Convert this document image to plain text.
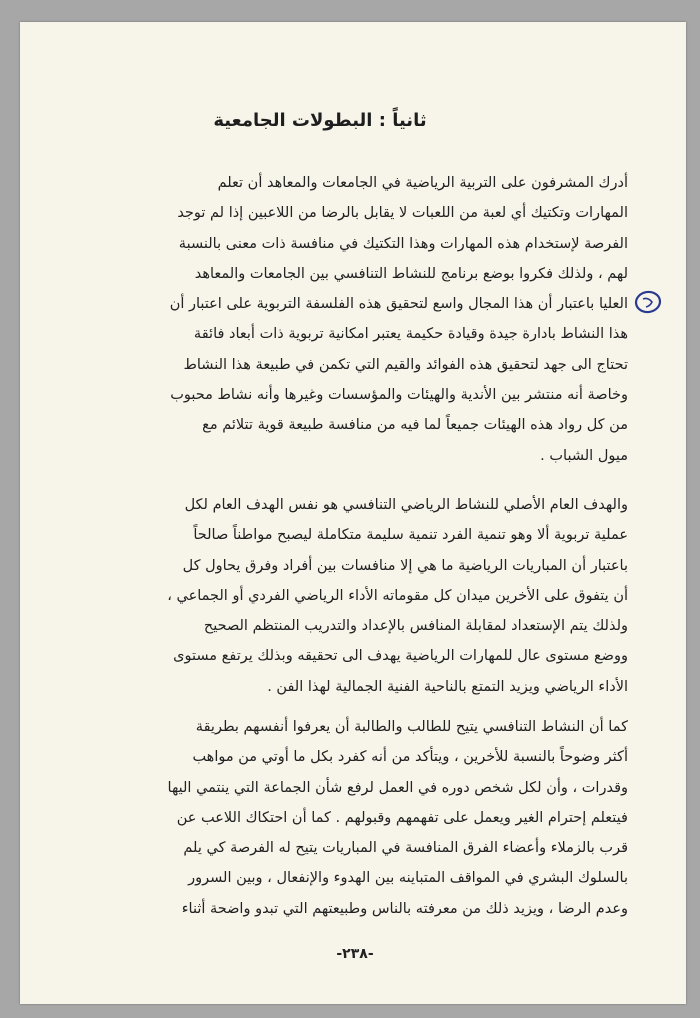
ثانياً : البطولات الجامعية
أدرك المشرفون على التربية الرياضية في الجامعات والمعاهد أن تعلم
المهارات وتكتيك أي لعبة من اللعبات لا يقابل بالرضا من اللاعبين إذا لم توجد
الفرصة لإستخدام هذه المهارات وهذا التكتيك في منافسة ذات معنى بالنسبة
لهم ، ولذلك فكروا بوضع برنامج للنشاط التنافسي بين الجامعات والمعاهد
العليا باعتبار أن هذا المجال واسع لتحقيق هذه الفلسفة التربوية على اعتبار أن
هذا النشاط بادارة جيدة وقيادة حكيمة يعتبر امكانية تربوية ذات أبعاد فائقة
تحتاج الى جهد لتحقيق هذه الفوائد والقيم التي تكمن في طبيعة هذا النشاط
وخاصة أنه منتشر بين الأندية والهيئات والمؤسسات وغيرها وأنه نشاط محبوب
من كل رواد هذه الهيئات جميعاً لما فيه من منافسة طبيعة قوية تتلائم مع
ميول الشباب .
والهدف العام الأصلي للنشاط الرياضي التنافسي هو نفس الهدف العام لكل
عملية تربوية ألا وهو تنمية الفرد تنمية سليمة متكاملة ليصبح مواطناً صالحاً
باعتبار أن المباريات الرياضية ما هي إلا منافسات بين أفراد وفرق يحاول كل
أن يتفوق على الأخرين ميدان كل مقوماته الأداء الرياضي الفردي أو الجماعي ،
ولذلك يتم الإستعداد لمقابلة المنافس بالإعداد والتدريب المنتظم الصحيح
ووضع مستوى عال للمهارات الرياضية يهدف الى تحقيقه وبذلك يرتفع مستوى
الأداء الرياضي ويزيد التمتع بالناحية الفنية الجمالية لهذا الفن .
كما أن النشاط التنافسي يتيح للطالب والطالبة أن يعرفوا أنفسهم بطريقة
أكثر وضوحاً بالنسبة للأخرين ، ويتأكد من أنه كفرد بكل ما أوتي من مواهب
وقدرات ، وأن لكل شخص دوره في العمل لرفع شأن الجماعة التي ينتمي اليها
فيتعلم إحترام الغير ويعمل على تفهمهم وقبولهم . كما أن احتكاك اللاعب عن
قرب بالزملاء وأعضاء الفرق المنافسة في المباريات يتيح له الفرصة كي يلم
بالسلوك البشري في المواقف المتباينه بين الهدوء والإنفعال ، وبين السرور
وعدم الرضا ، ويزيد ذلك من معرفته بالناس وطبيعتهم التي تبدو واضحة أثناء
-٢٣٨-
